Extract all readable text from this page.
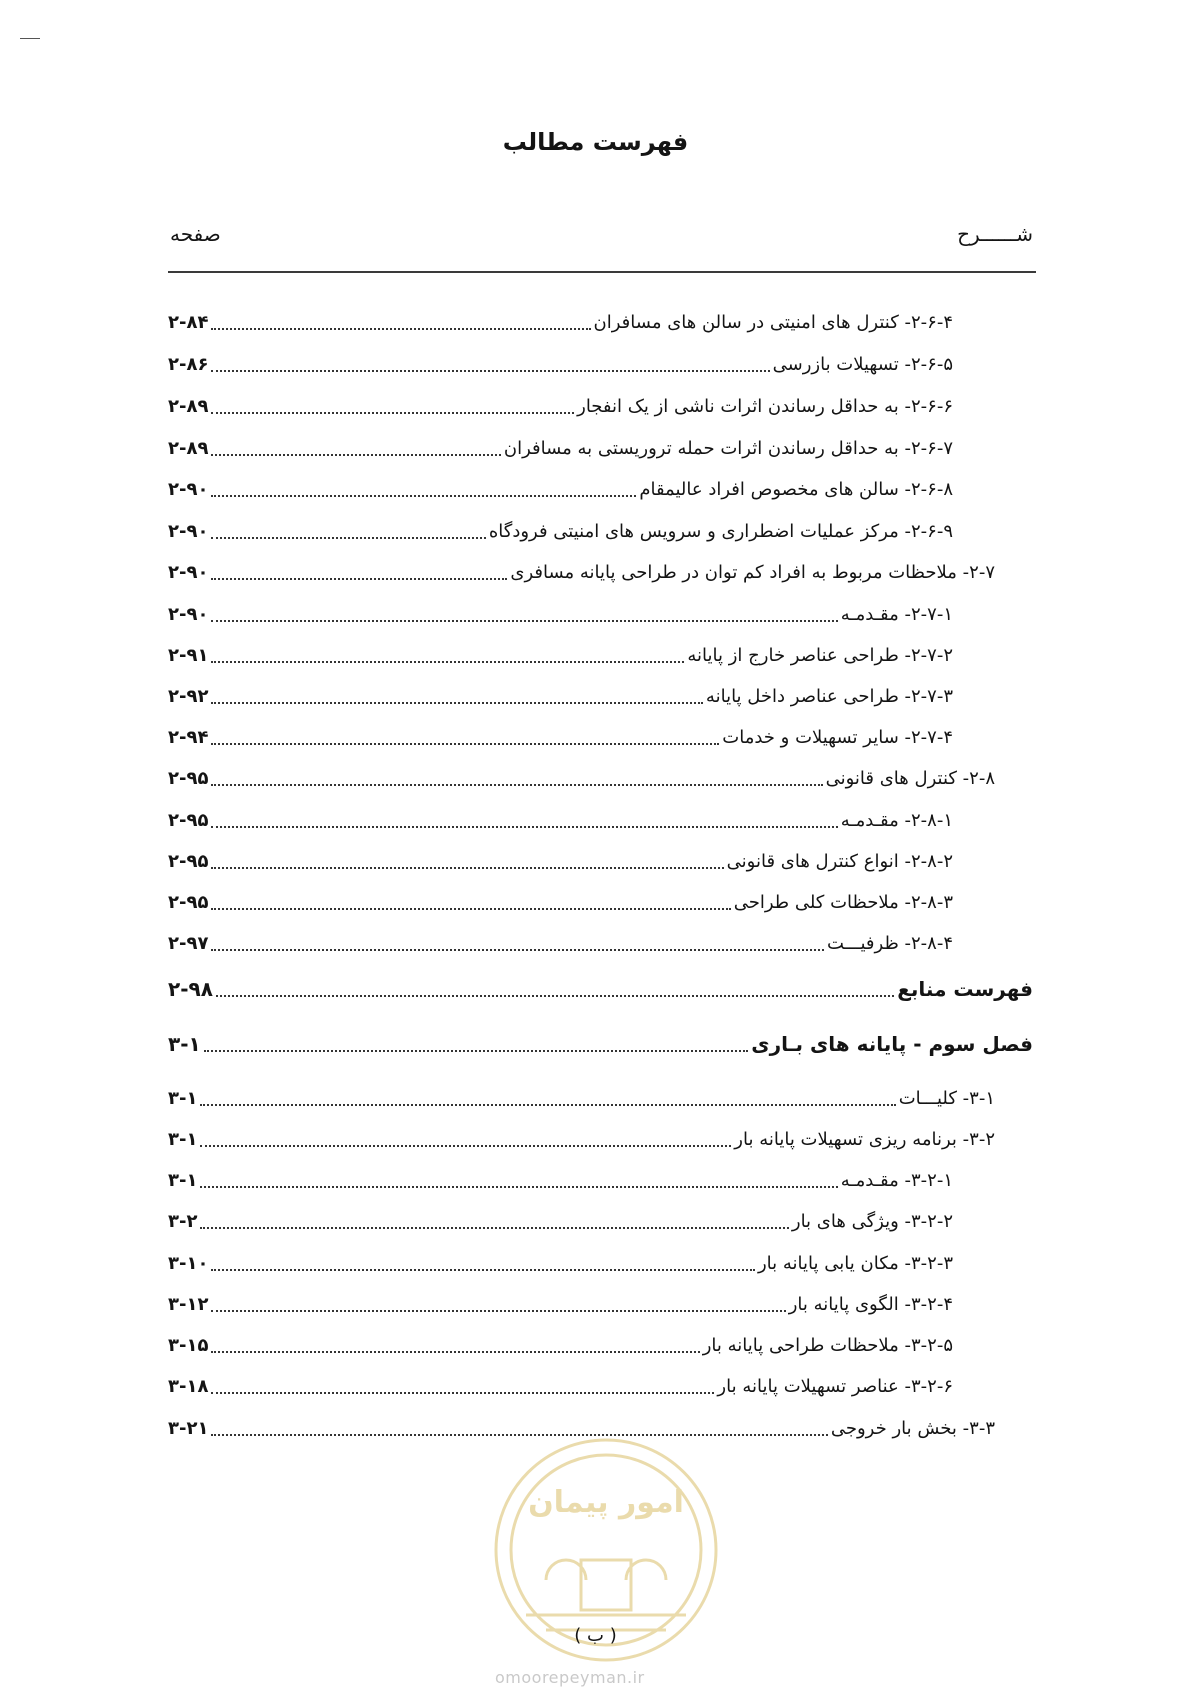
فهرست مطالب
شــــــرح
صفحه
۲-۶-۴- کنترل های امنیتی در سالن های مسافران
۲-۸۴
۲-۶-۵- تسهیلات بازرسی
۲-۸۶
۲-۶-۶- به حداقل رساندن اثرات ناشی از یک انفجار
۲-۸۹
۲-۶-۷- به حداقل رساندن اثرات حمله تروریستی به مسافران
۲-۸۹
۲-۶-۸- سالن های مخصوص افراد عالیمقام
۲-۹۰
۲-۶-۹- مرکز عملیات اضطراری و سرویس های امنیتی فرودگاه
۲-۹۰
۲-۷- ملاحظات مربوط به افراد کم توان در طراحی پایانه مسافری
۲-۹۰
۲-۷-۱- مقـدمـه
۲-۹۰
۲-۷-۲- طراحی عناصر خارج از پایانه
۲-۹۱
۲-۷-۳- طراحی عناصر داخل پایانه
۲-۹۲
۲-۷-۴- سایر تسهیلات و خدمات
۲-۹۴
۲-۸- کنترل های قانونی
۲-۹۵
۲-۸-۱- مقـدمـه
۲-۹۵
۲-۸-۲- انواع کنترل های قانونی
۲-۹۵
۲-۸-۳- ملاحظات کلی طراحی
۲-۹۵
۲-۸-۴- ظرفیـــت
۲-۹۷
فهرست منابع
۲-۹۸
فصل سوم - پایانه های بـاری
۳-۱
۳-۱- کلیـــات
۳-۱
۳-۲- برنامه ریزی تسهیلات پایانه بار
۳-۱
۳-۲-۱- مقـدمـه
۳-۱
۳-۲-۲- ویژگی های بار
۳-۲
۳-۲-۳- مکان یابی پایانه بار
۳-۱۰
۳-۲-۴- الگوی پایانه بار
۳-۱۲
۳-۲-۵- ملاحظات طراحی پایانه بار
۳-۱۵
۳-۲-۶- عناصر تسهیلات پایانه بار
۳-۱۸
۳-۳- بخش بار خروجی
۳-۲۱
امور پیمان
( ب )
omoorepeyman.ir
